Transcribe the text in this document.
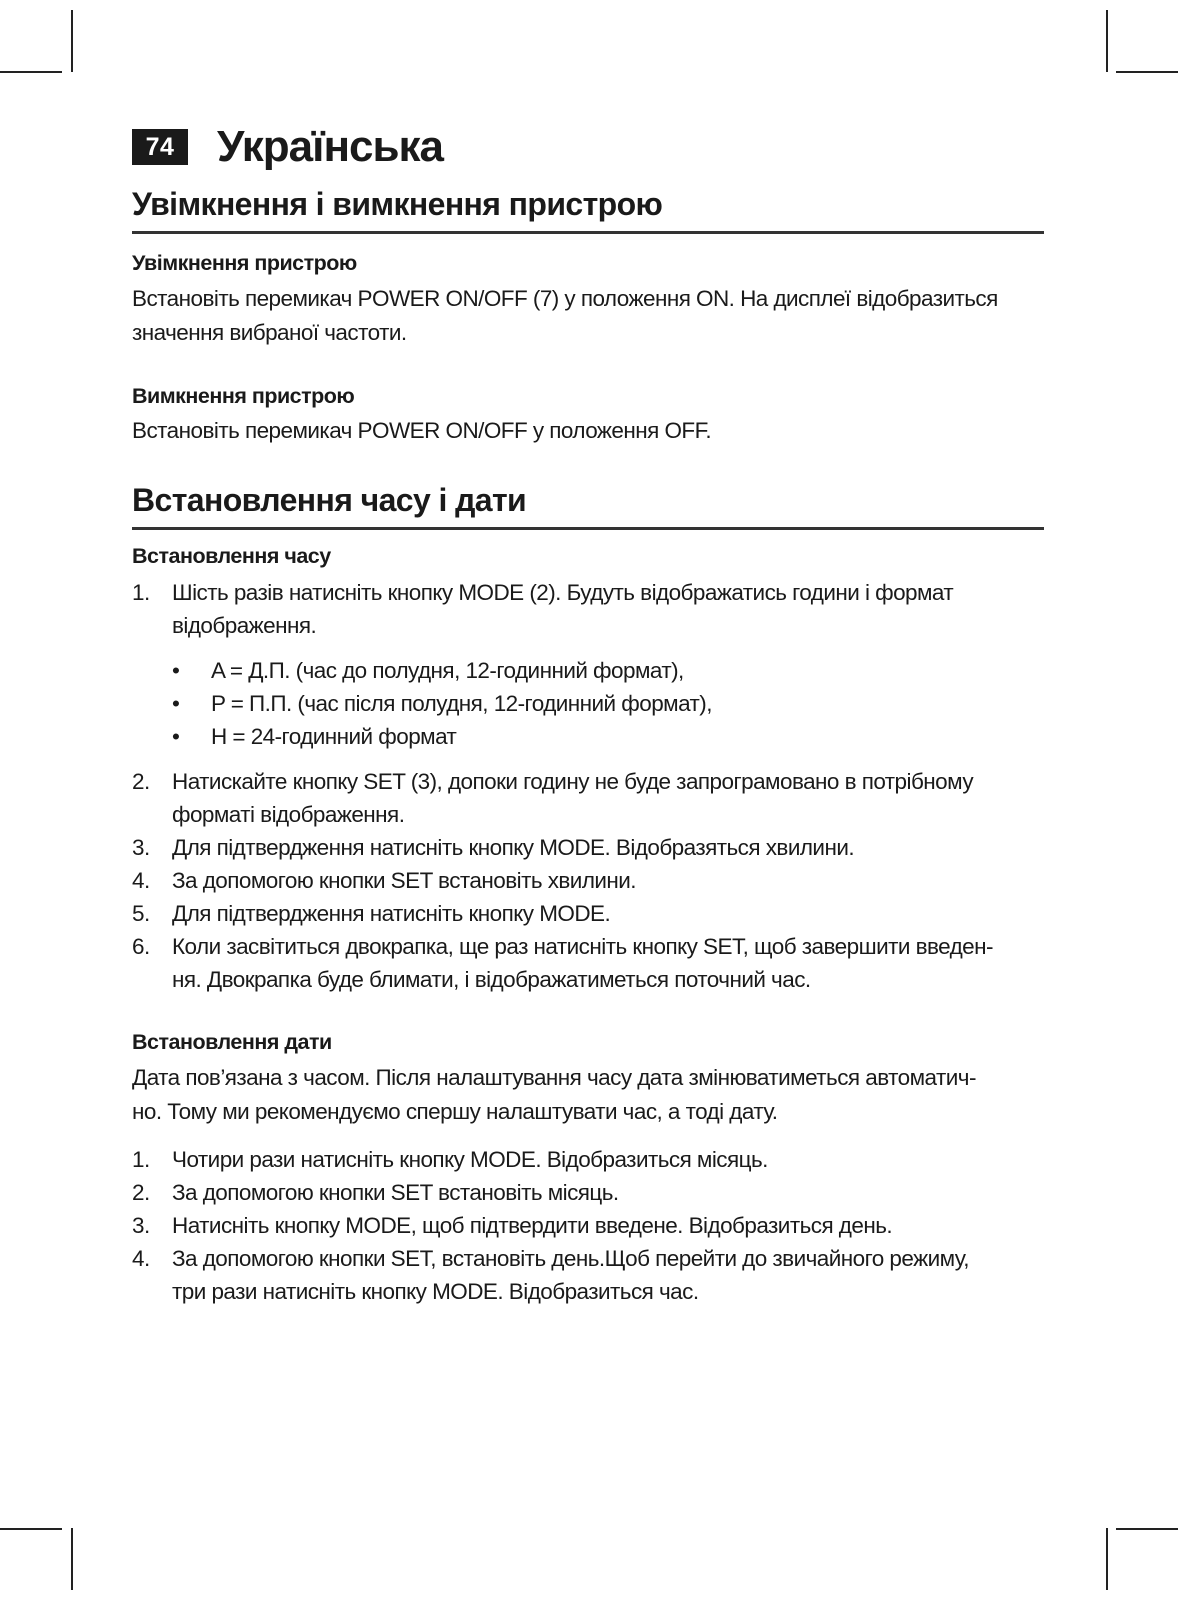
74 Українська
Увімкнення і вимкнення пристрою
Увімкнення пристрою
Встановіть перемикач POWER ON/OFF (7) у положення ON. На дисплеї відобразиться
значення вибраної частоти.
Вимкнення пристрою
Встановіть перемикач POWER ON/OFF у положення OFF.
Встановлення часу і дати
Встановлення часу
1. Шість разів натисніть кнопку MODE (2). Будуть відображатись години і формат
відображення.
• A = Д.П. (час до полудня, 12-годинний формат),
• P = П.П. (час після полудня, 12-годинний формат),
• H = 24-годинний формат
2. Натискайте кнопку SET (3), допоки годину не буде запрограмовано в потрібному
форматі відображення.
3. Для підтвердження натисніть кнопку MODE. Відобразяться хвилини.
4. За допомогою кнопки SET встановіть хвилини.
5. Для підтвердження натисніть кнопку MODE.
6. Коли засвітиться двокрапка, ще раз натисніть кнопку SET, щоб завершити введен-
ня. Двокрапка буде блимати, і відображатиметься поточний час.
Встановлення дати
Дата пов’язана з часом. Після налаштування часу дата змінюватиметься автоматич-
но. Тому ми рекомендуємо спершу налаштувати час, а тоді дату.
1. Чотири рази натисніть кнопку MODE. Відобразиться місяць.
2. За допомогою кнопки SET встановіть місяць.
3. Натисніть кнопку MODE, щоб підтвердити введене. Відобразиться день.
4. За допомогою кнопки SET, встановіть день.Щоб перейти до звичайного режиму,
три рази натисніть кнопку MODE. Відобразиться час.
